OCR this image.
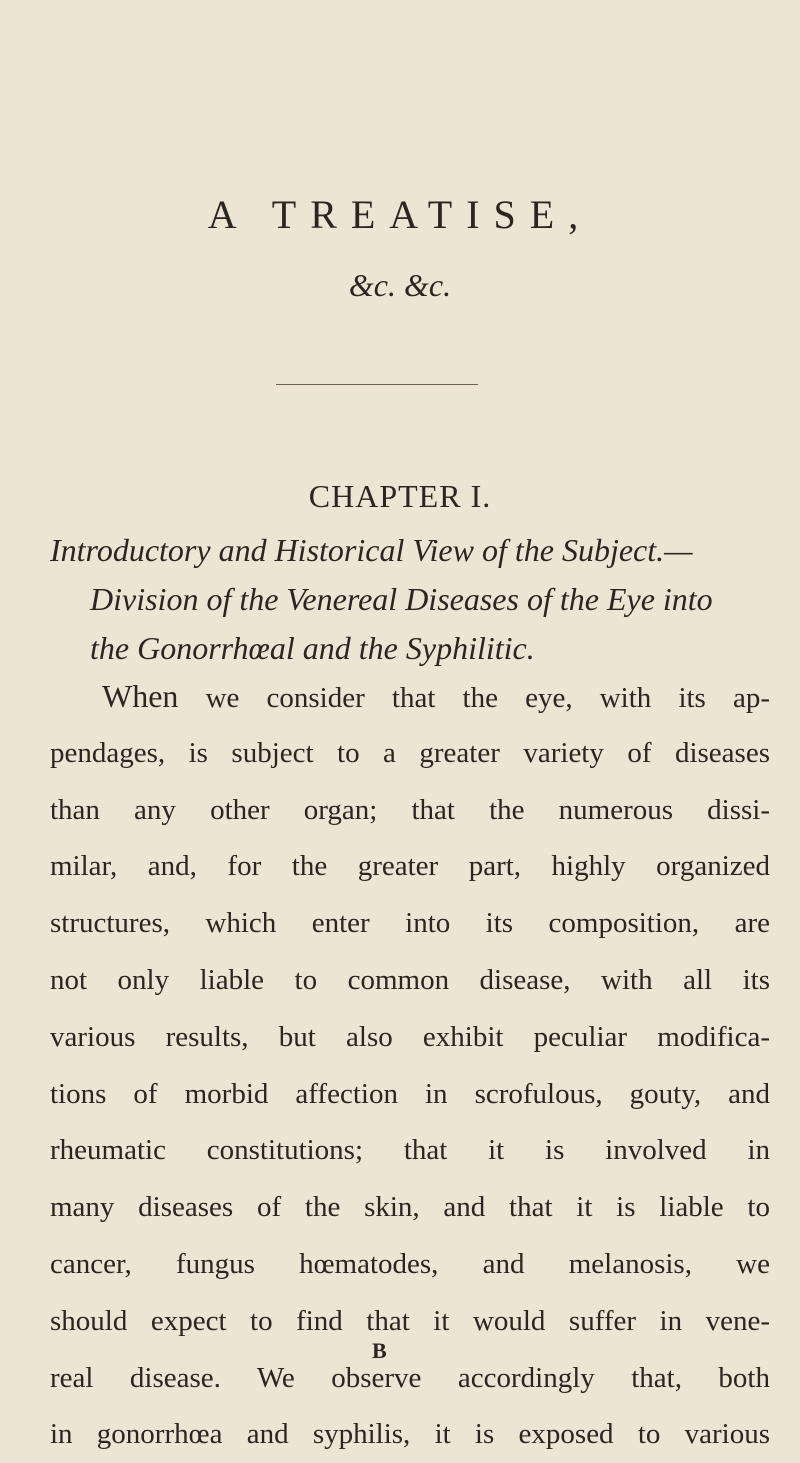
A TREATISE,
&c. &c.
CHAPTER I.
Introductory and Historical View of the Subject.—
Division of the Venereal Diseases of the Eye into
the Gonorrhœal and the Syphilitic.
When we consider that the eye, with its ap-
pendages, is subject to a greater variety of diseases
than any other organ; that the numerous dissi-
milar, and, for the greater part, highly organized
structures, which enter into its composition, are
not only liable to common disease, with all its
various results, but also exhibit peculiar modifica-
tions of morbid affection in scrofulous, gouty, and
rheumatic constitutions; that it is involved in
many diseases of the skin, and that it is liable to
cancer, fungus hœmatodes, and melanosis, we
should expect to find that it would suffer in vene-
real disease. We observe accordingly that, both
in gonorrhœa and syphilis, it is exposed to various
B
